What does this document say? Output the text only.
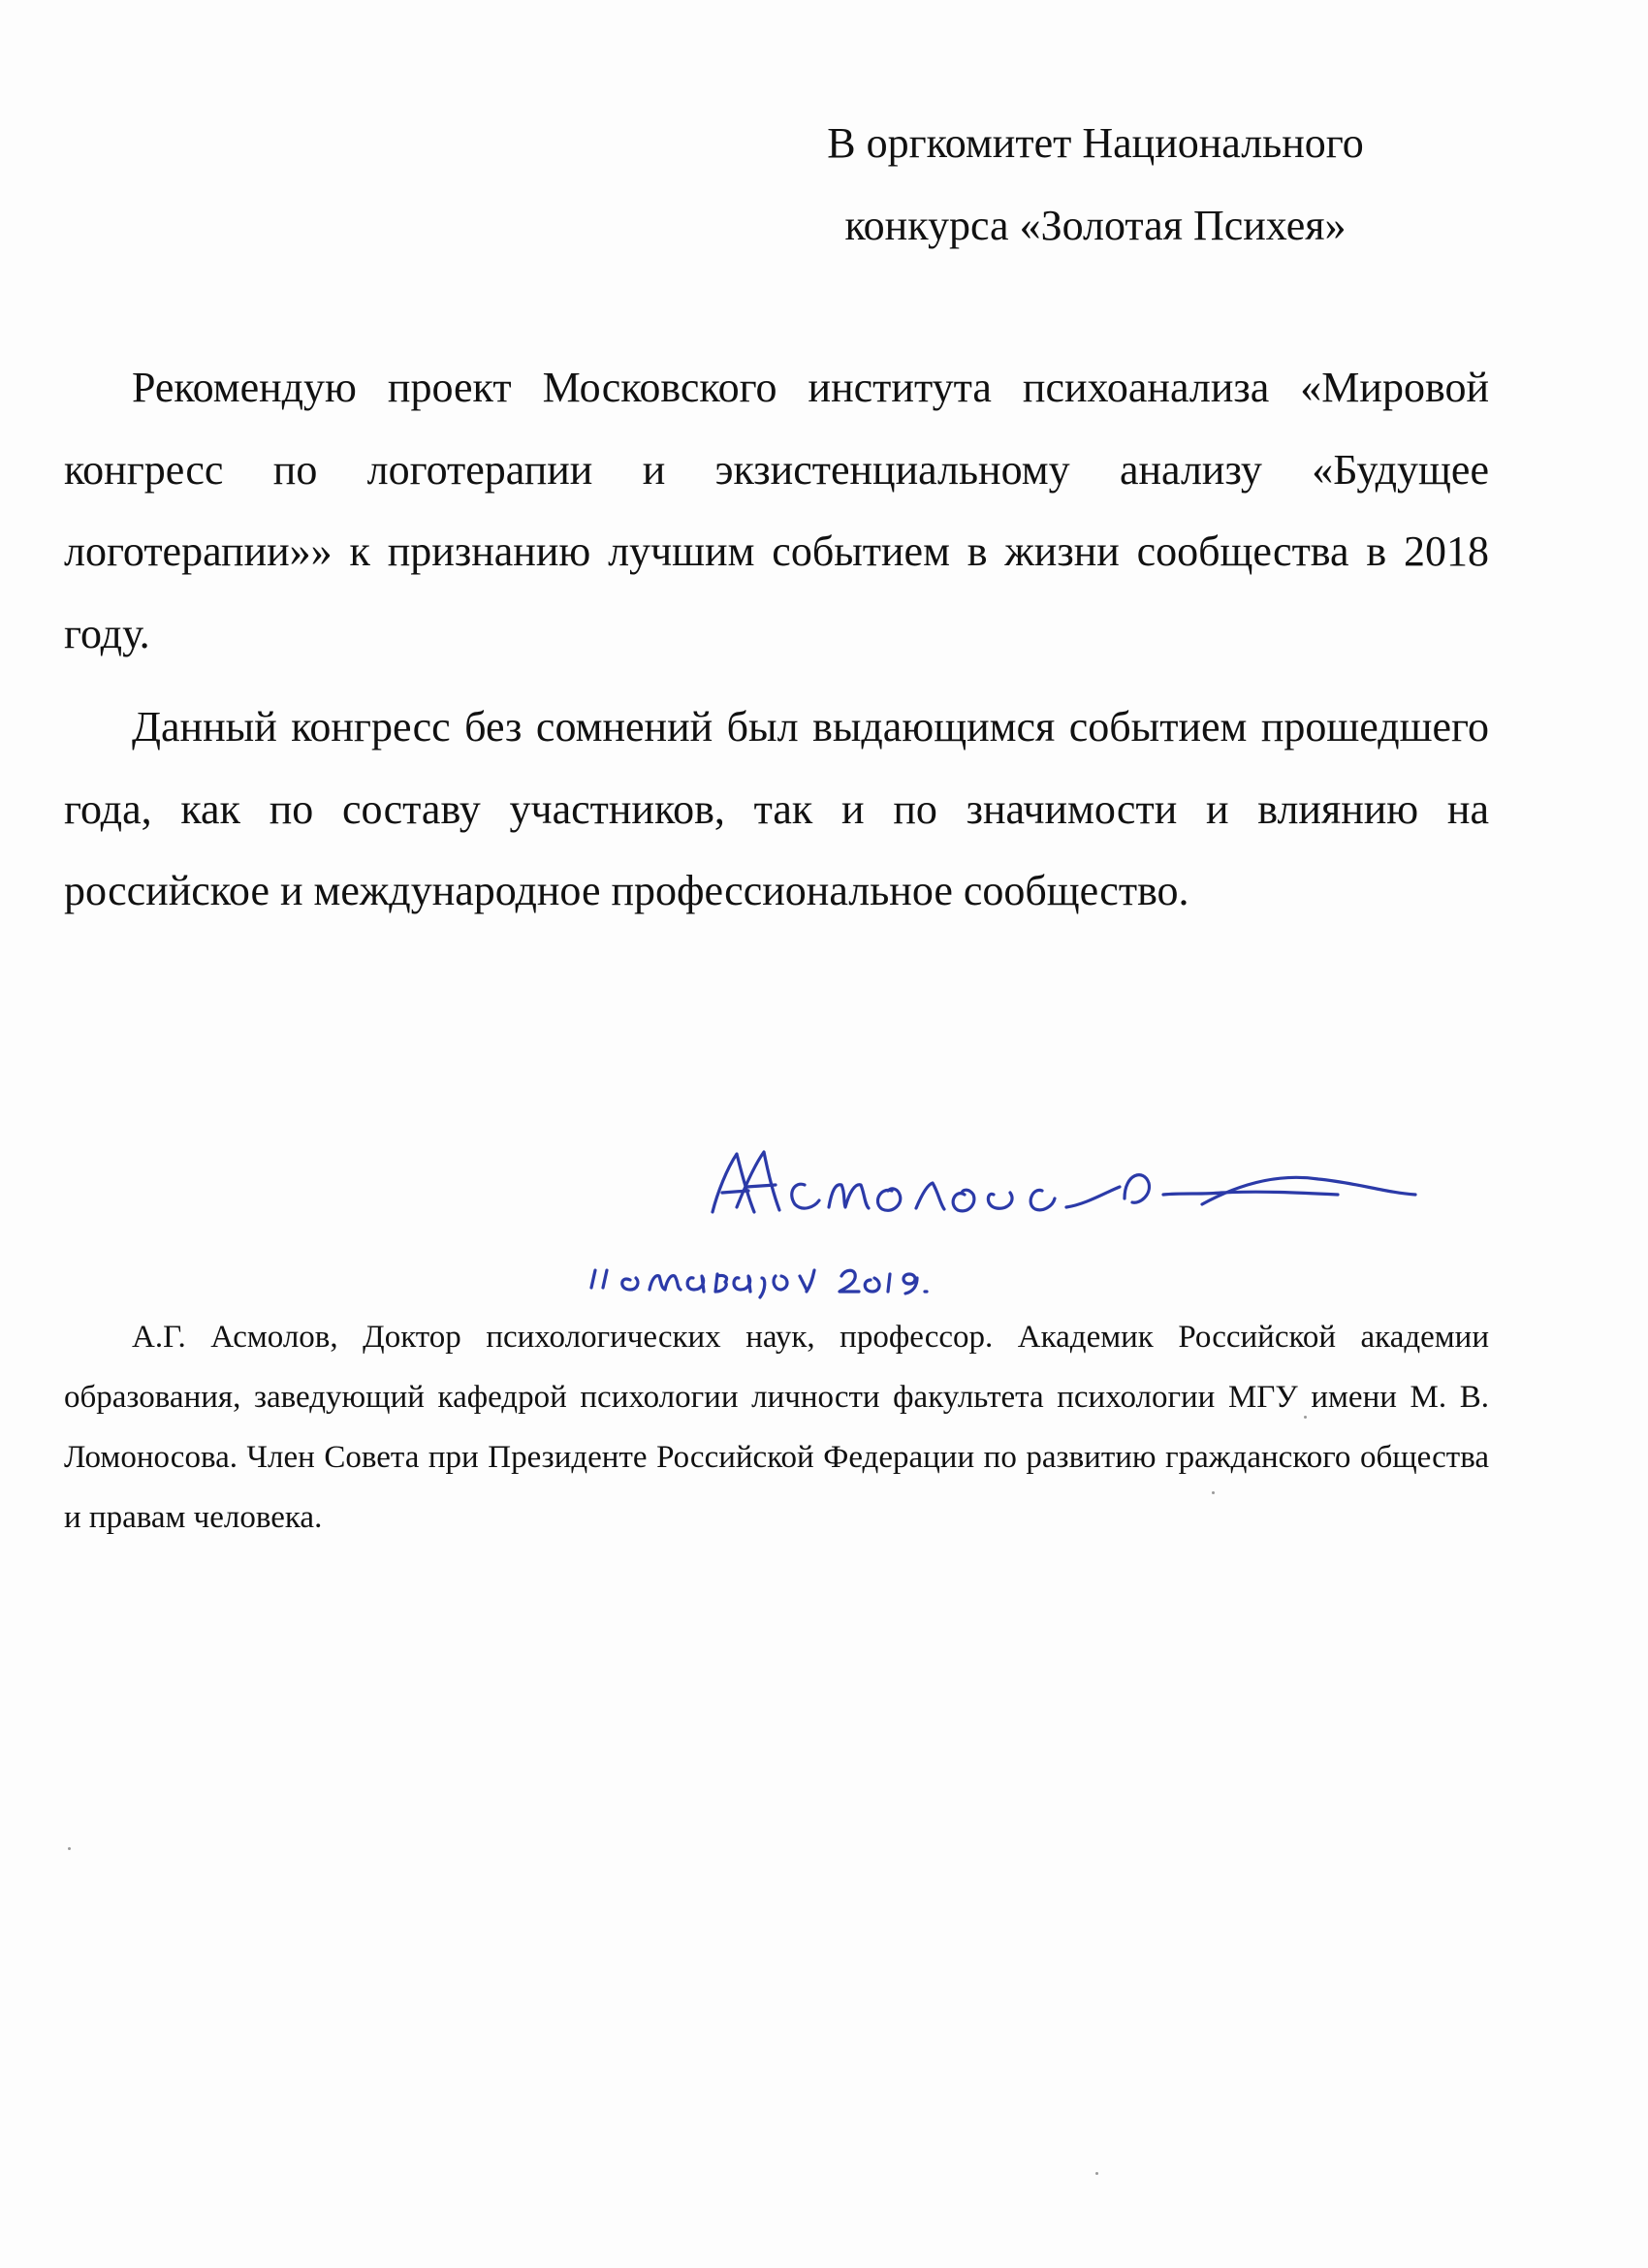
В оргкомитет Национального
конкурса «Золотая Психея»

Рекомендую проект Московского института психоанализа «Мировой конгресс по логотерапии и экзистенциальному анализу «Будущее логотерапии»» к признанию лучшим событием в жизни сообщества в 2018 году.

Данный конгресс без сомнений был выдающимся событием прошедшего года, как по составу участников, так и по значимости и влиянию на российское и международное профессиональное сообщество.

А.Г. Асмолов, Доктор психологических наук, профессор. Академик Российской академии образования, заведующий кафедрой психологии личности факультета психологии МГУ имени М. В. Ломоносова. Член Совета при Президенте Российской Федерации по развитию гражданского общества и правам человека.
